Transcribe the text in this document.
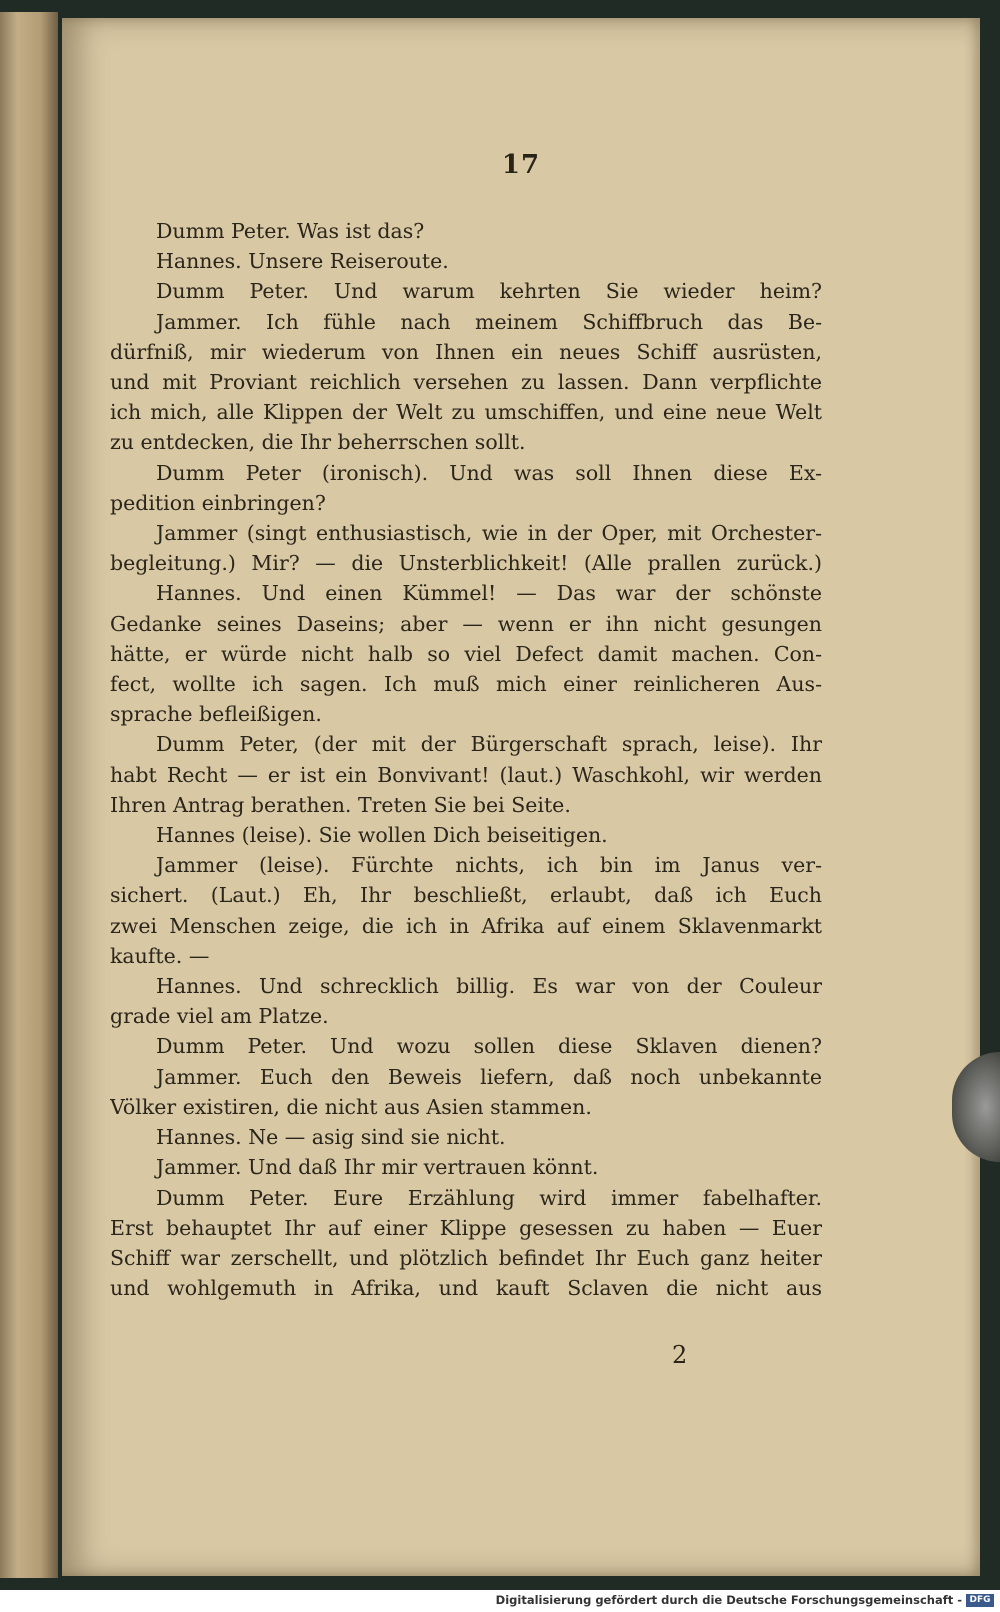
17
Dumm Peter. Was ist das?
Hannes. Unsere Reiseroute.
Dumm Peter. Und warum kehrten Sie wieder heim?
Jammer. Ich fühle nach meinem Schiffbruch das Be-
dürfniß, mir wiederum von Ihnen ein neues Schiff ausrüsten,
und mit Proviant reichlich versehen zu lassen. Dann verpflichte
ich mich, alle Klippen der Welt zu umschiffen, und eine neue Welt
zu entdecken, die Ihr beherrschen sollt.
Dumm Peter (ironisch). Und was soll Ihnen diese Ex-
pedition einbringen?
Jammer (singt enthusiastisch, wie in der Oper, mit Orchester-
begleitung.) Mir? — die Unsterblichkeit! (Alle prallen zurück.)
Hannes. Und einen Kümmel! — Das war der schönste
Gedanke seines Daseins; aber — wenn er ihn nicht gesungen
hätte, er würde nicht halb so viel Defect damit machen. Con-
fect, wollte ich sagen. Ich muß mich einer reinlicheren Aus-
sprache befleißigen.
Dumm Peter, (der mit der Bürgerschaft sprach, leise). Ihr
habt Recht — er ist ein Bonvivant! (laut.) Waschkohl, wir werden
Ihren Antrag berathen. Treten Sie bei Seite.
Hannes (leise). Sie wollen Dich beiseitigen.
Jammer (leise). Fürchte nichts, ich bin im Janus ver-
sichert. (Laut.) Eh, Ihr beschließt, erlaubt, daß ich Euch
zwei Menschen zeige, die ich in Afrika auf einem Sklavenmarkt
kaufte. —
Hannes. Und schrecklich billig. Es war von der Couleur
grade viel am Platze.
Dumm Peter. Und wozu sollen diese Sklaven dienen?
Jammer. Euch den Beweis liefern, daß noch unbekannte
Völker existiren, die nicht aus Asien stammen.
Hannes. Ne — asig sind sie nicht.
Jammer. Und daß Ihr mir vertrauen könnt.
Dumm Peter. Eure Erzählung wird immer fabelhafter.
Erst behauptet Ihr auf einer Klippe gesessen zu haben — Euer
Schiff war zerschellt, und plötzlich befindet Ihr Euch ganz heiter
und wohlgemuth in Afrika, und kauft Sclaven die nicht aus
2
Digitalisierung gefördert durch die Deutsche Forschungsgemeinschaft - DFG
